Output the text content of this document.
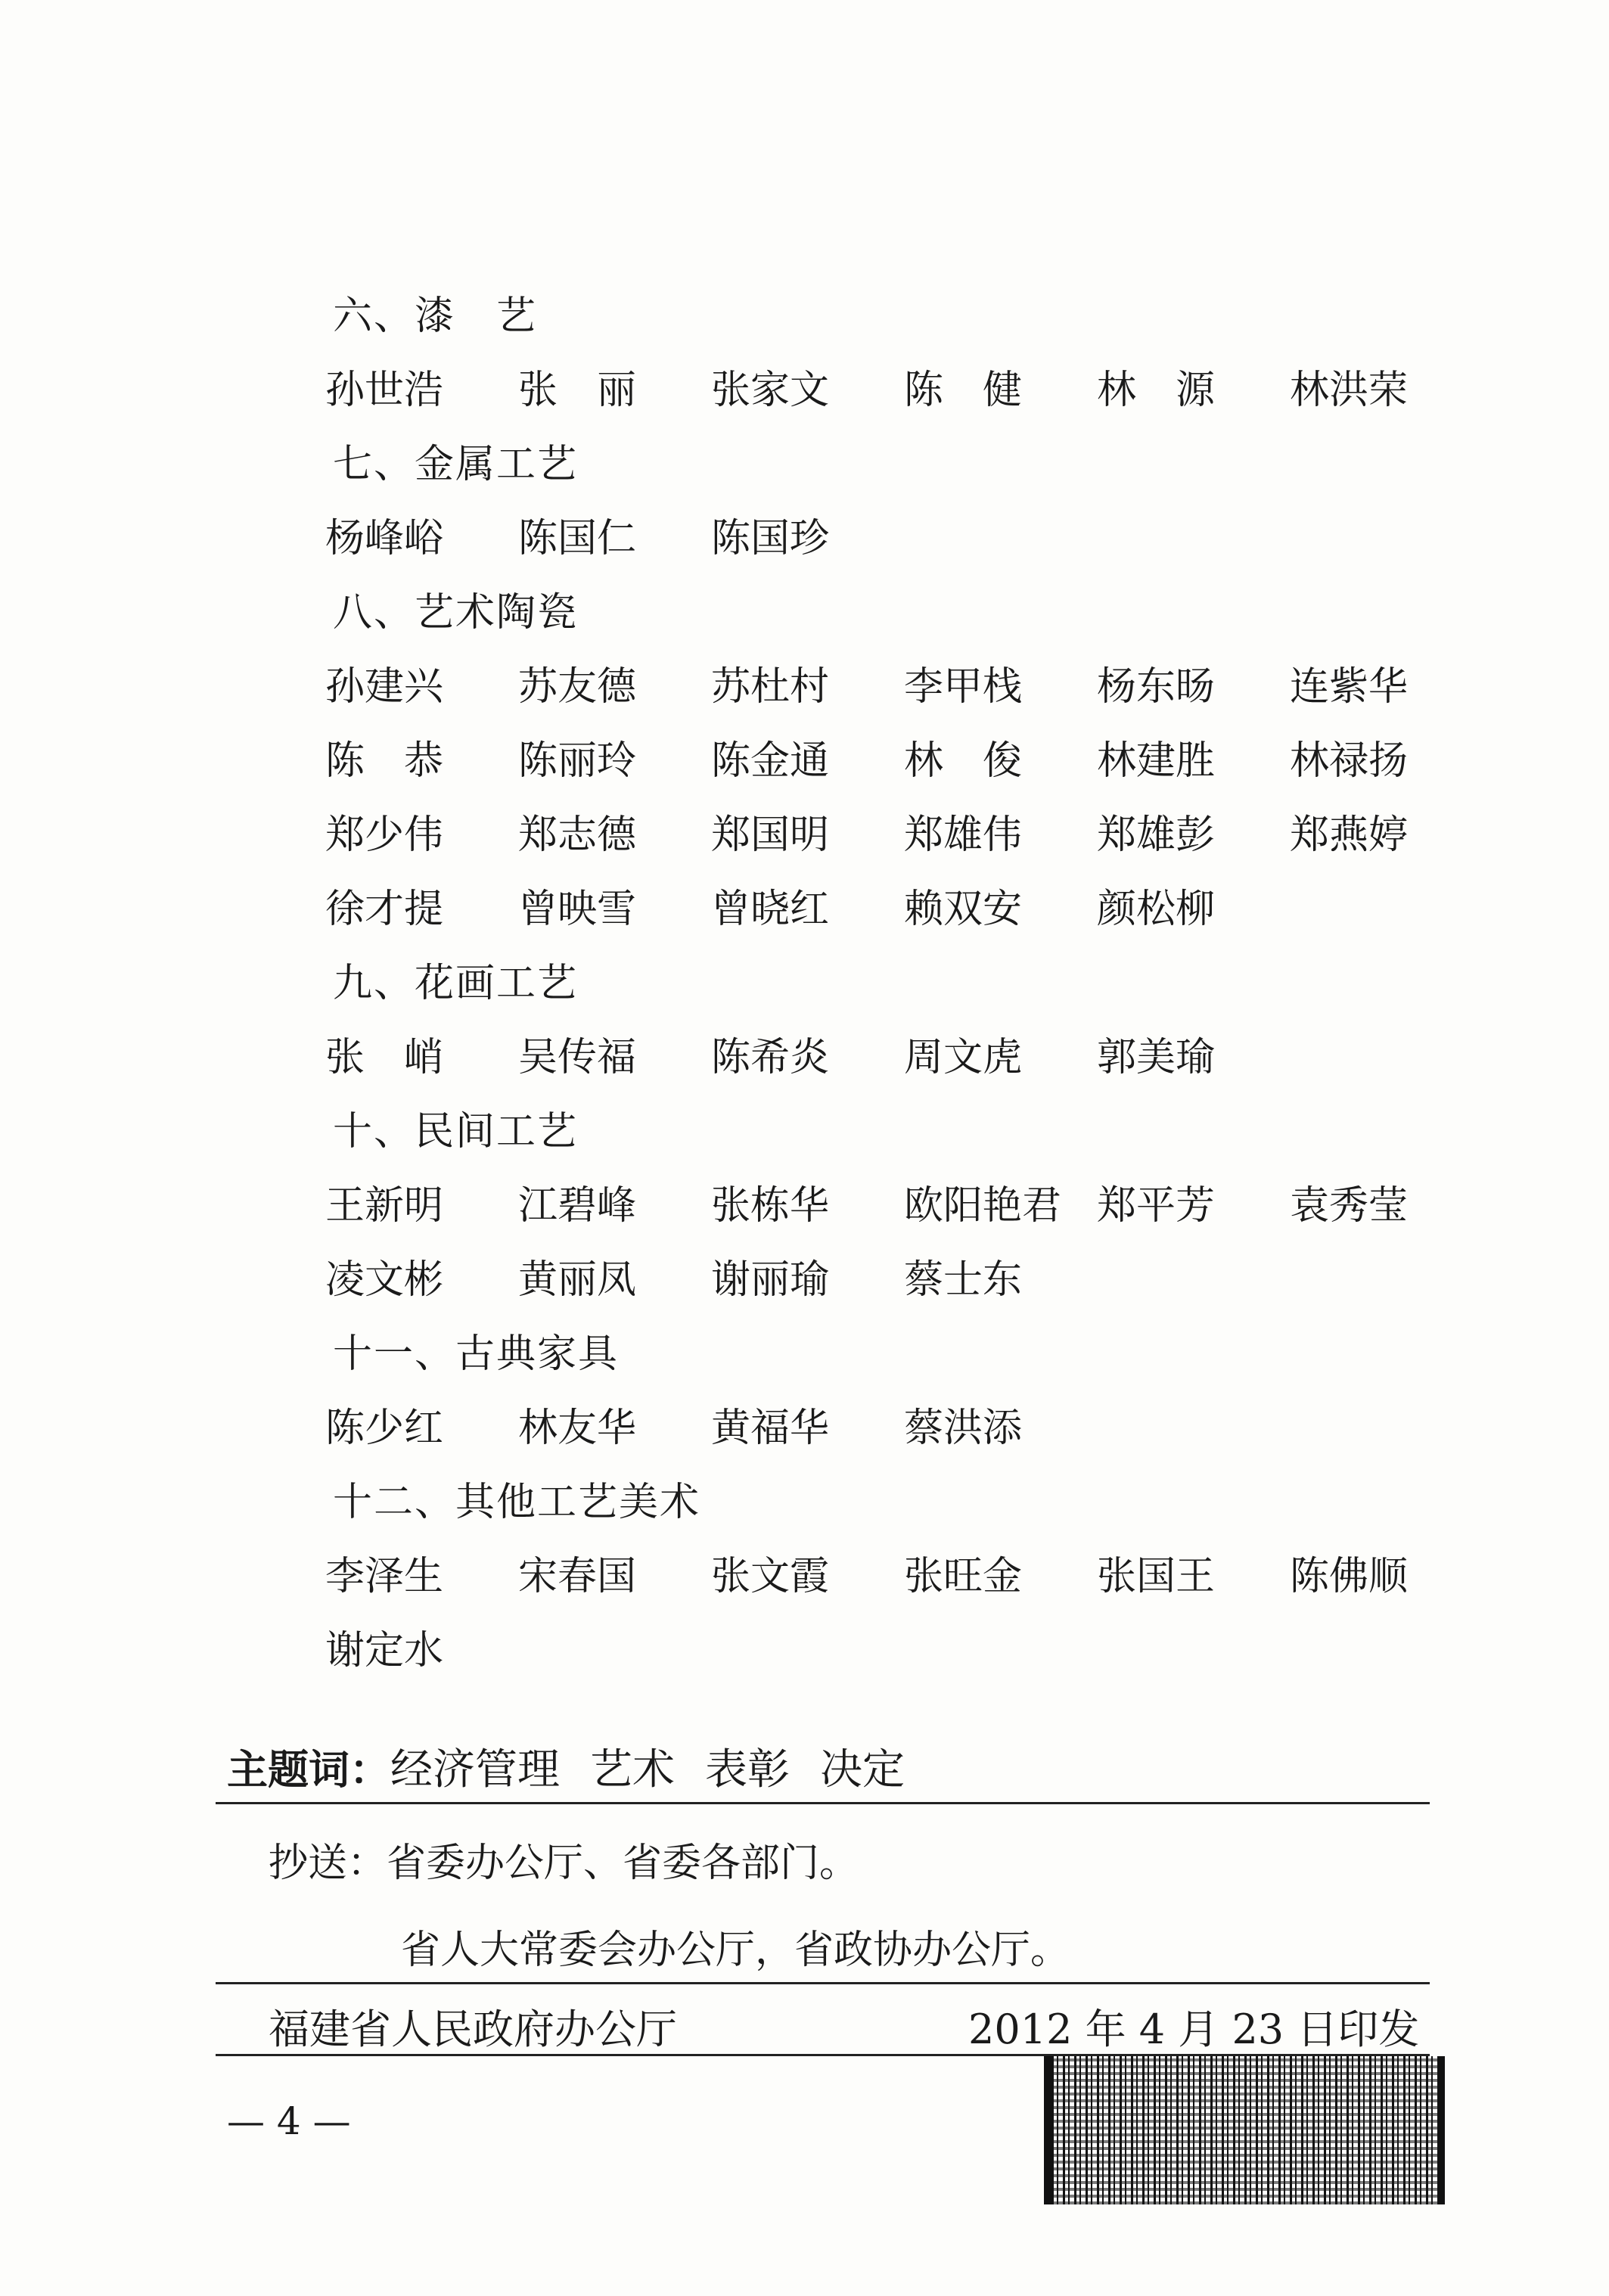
六、漆　艺
孙世浩 张　丽 张家文 陈　健 林　源 林洪荣
七、金属工艺
杨峰峪 陈国仁 陈国珍
八、艺术陶瓷
孙建兴 苏友德 苏杜村 李甲栈 杨东旸 连紫华
陈　恭 陈丽玲 陈金通 林　俊 林建胜 林禄扬
郑少伟 郑志德 郑国明 郑雄伟 郑雄彭 郑燕婷
徐才提 曾映雪 曾晓红 赖双安 颜松柳
九、花画工艺
张　峭 吴传福 陈希炎 周文虎 郭美瑜
十、民间工艺
王新明 江碧峰 张栋华 欧阳艳君 郑平芳 袁秀莹
凌文彬 黄丽凤 谢丽瑜 蔡士东
十一、古典家具
陈少红 林友华 黄福华 蔡洪添
十二、其他工艺美术
李泽生 宋春国 张文霞 张旺金 张国王 陈佛顺
谢定水
主题词：经济管理 艺术 表彰 决定
抄送：省委办公厅、省委各部门。
省人大常委会办公厅，省政协办公厅。
福建省人民政府办公厅	2012 年 4 月 23 日印发
— 4 —
